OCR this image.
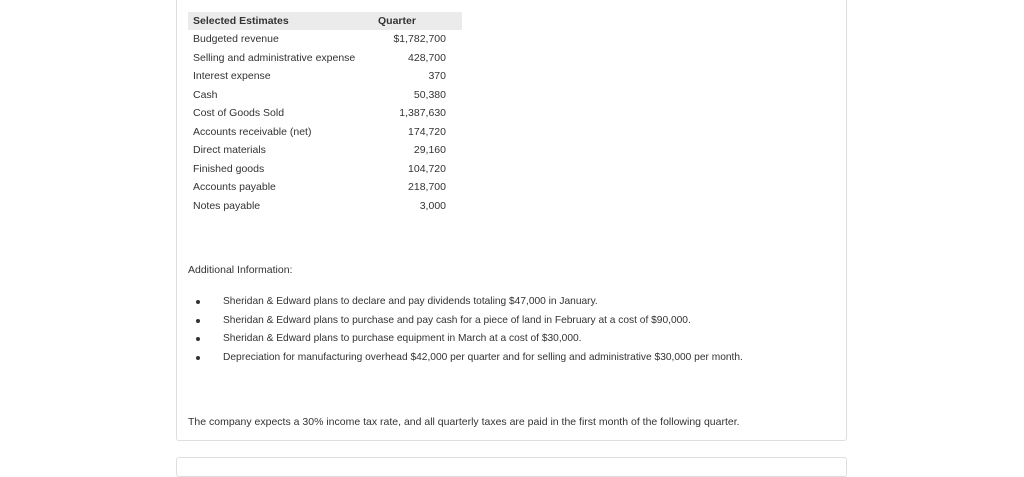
Selected Estimates	Quarter
Budgeted revenue	$1,782,700
Selling and administrative expense	428,700
Interest expense	370
Cash	50,380
Cost of Goods Sold	1,387,630
Accounts receivable (net)	174,720
Direct materials	29,160
Finished goods	104,720
Accounts payable	218,700
Notes payable	3,000
Additional Information:
Sheridan & Edward plans to declare and pay dividends totaling $47,000 in January.
Sheridan & Edward plans to purchase and pay cash for a piece of land in February at a cost of $90,000.
Sheridan & Edward plans to purchase equipment in March at a cost of $30,000.
Depreciation for manufacturing overhead $42,000 per quarter and for selling and administrative $30,000 per month.
The company expects a 30% income tax rate, and all quarterly taxes are paid in the first month of the following quarter.
